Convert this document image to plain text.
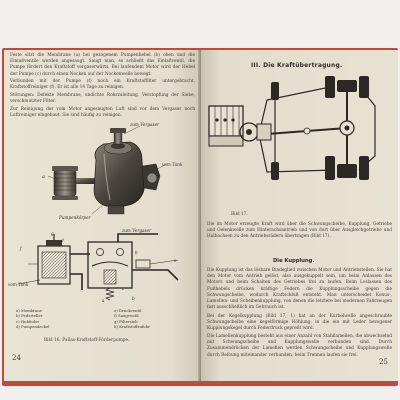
Feste sitzt die Membrane (a) bei gezogenem Pumpenhebel (b) oben und die Einlaßventile werden angesaugt. Saugt man, so schließt das Einlaßventil, die Pumpe fördert den Kraftstoff vergaserwärts. Bei laufendem Motor wird der Hebel der Pumpe (c) durch einen Nocken auf der Nockenwelle bewegt.

Verbunden mit der Pumpe (f) noch ein Kraftstoffilter untergebracht, Kraftstoffreiniger (f). Er ist alle 14 Tage zu reinigen.

Störungen: Defekte Membrane, undichte Rohrzuleitung, Verstopfung der Siebe, verschmutzter Filter.

Zur Reinigung der vom Motor angesaugten Luft sind vor dem Vergaser noch Luftreiniger eingebaut. Sie sind häufig zu reinigen.

zum Vergaser
vom Tank
Pumpenkörper
a
zum Vergaser
g
d
f
h
e
c
b
a
vom Tank
a) Membrane
b) Federteller
c) Hubfeder
d) Pumpendeckel
e) Druckventil
f) Saugventil
g) Filtersieb
h) Kraftstoffzufuhr
Bild 16. Pallas-Kraftstoff-Förderpumpe.
24
III. Die Kraftübertragung.
Bild 17.

Die im Motor erzeugte Kraft wird über die Schwungscheibe, Kupplung, Getriebe und Gelenkwelle zum Hinterachsantrieb und von dort über Ausgleichgetriebe und Halbachsen zu den Antriebsrädern übertragen (Bild 17).

Die Kupplung.

Die Kupplung ist das lösbare Bindeglied zwischen Motor und Antriebsteilen. Sie hat den Motor vom Antrieb gelöst, also ausgekuppelt sein, um beim Anlassen des Motors und beim Schalten des Getriebes frei zu laufen. Beim Loslassen des Fußhebels drücken kräftige Federn die Kupplungsscheibe gegen die Schwungscheibe, wodurch Kraftschluß entsteht. Man unterscheidet Konus-, Lamellen- und Scheibenkupplung, von denen die letztere bei modernen Fahrzeugen fast ausschließlich im Gebrauch ist.

Bei der Kegelkupplung (Bild 17, 1) hat an der Kurbelwelle angeschraubte Schwungscheibe eine kegelförmige Höhlung, in die ein mit Leder bezogener Kupplungskegel durch Federdruck gepreßt wird.

Die Lamellenkupplung besteht aus einer Anzahl von Stahllamellen, die abwechselnd mit Schwungscheibe und Kupplungswelle verbunden sind. Durch Zusammendrücken der Lamellen werden Schwungscheibe und Kupplungswelle durch Reibung miteinander verbunden, beim Trennen laufen sie frei.

25
